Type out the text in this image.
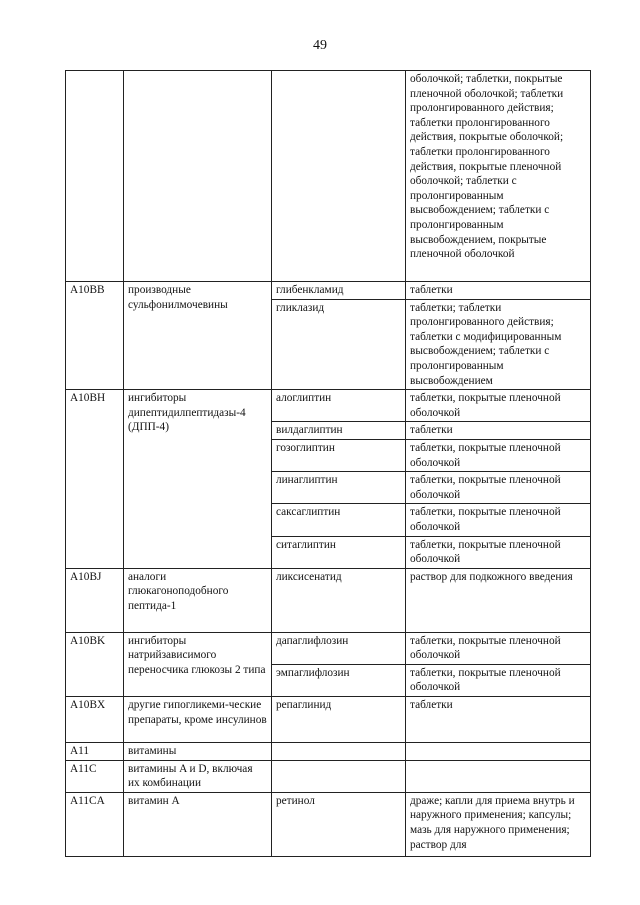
49
			оболочкой; таблетки, покрытые пленочной оболочкой; таблетки пролонгированного действия; таблетки пролонгированного действия, покрытые оболочкой; таблетки пролонгированного действия, покрытые пленочной оболочкой; таблетки с пролонгированным высвобождением; таблетки с пролонгированным высвобождением, покрытые пленочной оболочкой
A10BB	производные сульфонилмочевины	глибенкламид	таблетки
		гликлазид	таблетки; таблетки пролонгированного действия; таблетки с модифицированным высвобождением; таблетки с пролонгированным высвобождением
A10BH	ингибиторы дипептидилпептидазы-4 (ДПП-4)	алоглиптин	таблетки, покрытые пленочной оболочкой
		вилдаглиптин	таблетки
		гозоглиптин	таблетки, покрытые пленочной оболочкой
		линаглиптин	таблетки, покрытые пленочной оболочкой
		саксаглиптин	таблетки, покрытые пленочной оболочкой
		ситаглиптин	таблетки, покрытые пленочной оболочкой
A10BJ	аналоги глюкагоноподобного пептида-1	ликсисенатид	раствор для подкожного введения
A10BK	ингибиторы натрийзависимого переносчика глюкозы 2 типа	дапаглифлозин	таблетки, покрытые пленочной оболочкой
		эмпаглифлозин	таблетки, покрытые пленочной оболочкой
A10BX	другие гипогликеми-ческие препараты, кроме инсулинов	репаглинид	таблетки
A11	витамины		
A11C	витамины A и D, включая их комбинации		
A11CA	витамин A	ретинол	драже; капли для приема внутрь и наружного применения; капсулы; мазь для наружного применения; раствор для
